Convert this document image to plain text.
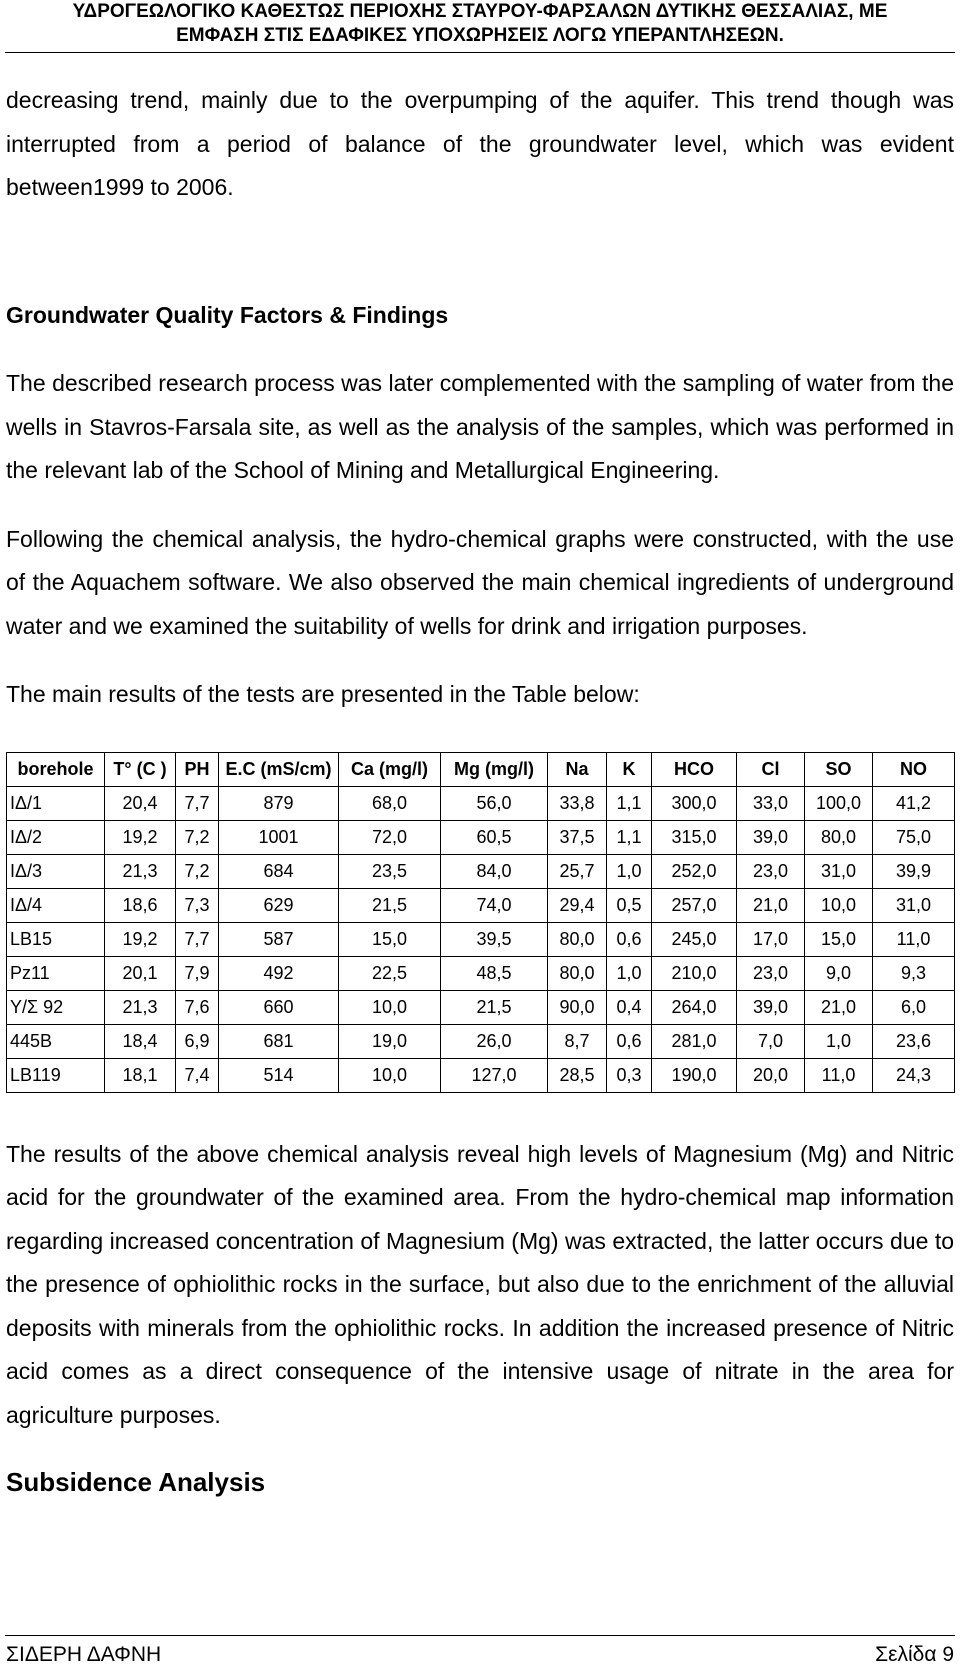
ΥΔΡΟΓΕΩΛΟΓΙΚΟ ΚΑΘΕΣΤΩΣ ΠΕΡΙΟΧΗΣ ΣΤΑΥΡΟΥ-ΦΑΡΣΑΛΩΝ ΔΥΤΙΚΗΣ ΘΕΣΣΑΛΙΑΣ, ΜΕ
ΕΜΦΑΣΗ ΣΤΙΣ ΕΔΑΦΙΚΕΣ ΥΠΟΧΩΡΗΣΕΙΣ ΛΟΓΩ ΥΠΕΡΑΝΤΛΗΣΕΩΝ.

decreasing trend, mainly due to the overpumping of the aquifer. This trend though was interrupted from a period of balance of the groundwater level, which was evident between1999 to 2006.

Groundwater Quality Factors & Findings

The described research process was later complemented with the sampling of water from the wells in Stavros-Farsala site, as well as the analysis of the samples, which was performed in the relevant lab of the School of Mining and Metallurgical Engineering.

Following the chemical analysis, the hydro-chemical graphs were constructed, with the use of the Aquachem software. We also observed the main chemical ingredients of underground water and we examined the suitability of wells for drink and irrigation purposes.

The main results of the tests are presented in the Table below:

borehole	T° (C )	PH	E.C (mS/cm)	Ca (mg/l)	Mg (mg/l)	Na	K	HCO	Cl	SO	NO
IΔ/1	20,4	7,7	879	68,0	56,0	33,8	1,1	300,0	33,0	100,0	41,2
IΔ/2	19,2	7,2	1001	72,0	60,5	37,5	1,1	315,0	39,0	80,0	75,0
IΔ/3	21,3	7,2	684	23,5	84,0	25,7	1,0	252,0	23,0	31,0	39,9
IΔ/4	18,6	7,3	629	21,5	74,0	29,4	0,5	257,0	21,0	10,0	31,0
LB15	19,2	7,7	587	15,0	39,5	80,0	0,6	245,0	17,0	15,0	11,0
Pz11	20,1	7,9	492	22,5	48,5	80,0	1,0	210,0	23,0	9,0	9,3
Υ/Σ 92	21,3	7,6	660	10,0	21,5	90,0	0,4	264,0	39,0	21,0	6,0
445Β	18,4	6,9	681	19,0	26,0	8,7	0,6	281,0	7,0	1,0	23,6
LB119	18,1	7,4	514	10,0	127,0	28,5	0,3	190,0	20,0	11,0	24,3

The results of the above chemical analysis reveal high levels of Magnesium (Mg) and Nitric acid for the groundwater of the examined area. From the hydro-chemical map information regarding increased concentration of Magnesium (Mg) was extracted, the latter occurs due to the presence of ophiolithic rocks in the surface, but also due to the enrichment of the alluvial deposits with minerals from the ophiolithic rocks. In addition the increased presence of Nitric acid comes as a direct consequence of the intensive usage of nitrate in the area for agriculture purposes.

Subsidence Analysis
ΣΙΔΕΡΗ ΔΑΦΝΗ	Σελίδα 9
